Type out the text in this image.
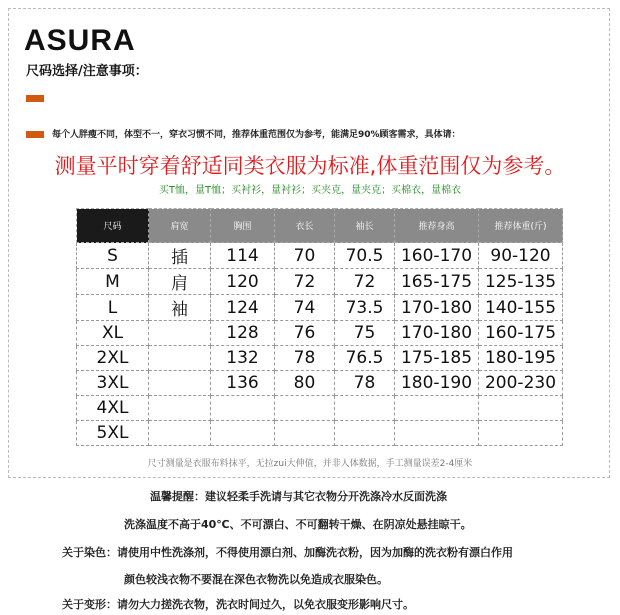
ASURA
尺码选择/注意事项：
每个人胖瘦不同，体型不一，穿衣习惯不同，推荐体重范围仅为参考，能满足90%顾客需求，具体请：
测量平时穿着舒适同类衣服为标准,体重范围仅为参考。
买T恤，量T恤；买衬衫，量衬衫；买夹克，量夹克；买棉衣，量棉衣
尺码	肩宽	胸围	衣长	袖长	推荐身高	推荐体重(斤)
S	插	114	70	70.5	160-170	90-120
M	肩	120	72	72	165-175	125-135
L	袖	124	74	73.5	170-180	140-155
XL		128	76	75	170-180	160-175
2XL		132	78	76.5	175-185	180-195
3XL		136	80	78	180-190	200-230
4XL						
5XL						
尺寸测量是衣服布料抹平，无拉zui大伸值，并非人体数据，手工测量误差2-4厘米
温馨提醒：建议轻柔手洗请与其它衣物分开洗涤冷水反面洗涤
洗涤温度不高于40℃、不可漂白、不可翻转干燥、在阴凉处悬挂晾干。
关于染色：请使用中性洗涤剂，不得使用漂白剂、加酶洗衣粉，因为加酶的洗衣粉有漂白作用
颜色较浅衣物不要混在深色衣物洗以免造成衣服染色。
关于变形：请勿大力搓洗衣物，洗衣时间过久，以免衣服变形影响尺寸。
